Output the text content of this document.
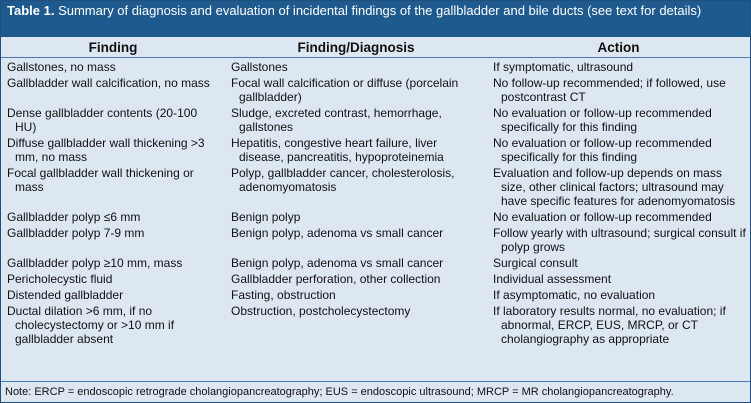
Table 1. Summary of diagnosis and evaluation of incidental findings of the gallbladder and bile ducts (see text for details)
Finding	Finding/Diagnosis	Action
Gallstones, no mass	Gallstones	If symptomatic, ultrasound
Gallbladder wall calcification, no mass	Focal wall calcification or diffuse (porcelain gallbladder)	No follow-up recommended; if followed, use postcontrast CT
Dense gallbladder contents (20-100 HU)	Sludge, excreted contrast, hemorrhage, gallstones	No evaluation or follow-up recommended specifically for this finding
Diffuse gallbladder wall thickening >3 mm, no mass	Hepatitis, congestive heart failure, liver disease, pancreatitis, hypoproteinemia	No evaluation or follow-up recommended specifically for this finding
Focal gallbladder wall thickening or mass	Polyp, gallbladder cancer, cholesterolosis, adenomyomatosis	Evaluation and follow-up depends on mass size, other clinical factors; ultrasound may have specific features for adenomyomatosis
Gallbladder polyp ≤6 mm	Benign polyp	No evaluation or follow-up recommended
Gallbladder polyp 7-9 mm	Benign polyp, adenoma vs small cancer	Follow yearly with ultrasound; surgical consult if polyp grows
Gallbladder polyp ≥10 mm, mass	Benign polyp, adenoma vs small cancer	Surgical consult
Pericholecystic fluid	Gallbladder perforation, other collection	Individual assessment
Distended gallbladder	Fasting, obstruction	If asymptomatic, no evaluation
Ductal dilation >6 mm, if no cholecystectomy or >10 mm if gallbladder absent	Obstruction, postcholecystectomy	If laboratory results normal, no evaluation; if abnormal, ERCP, EUS, MRCP, or CT cholangiography as appropriate
Note: ERCP = endoscopic retrograde cholangiopancreatography; EUS = endoscopic ultrasound; MRCP = MR cholangiopancreatography.
